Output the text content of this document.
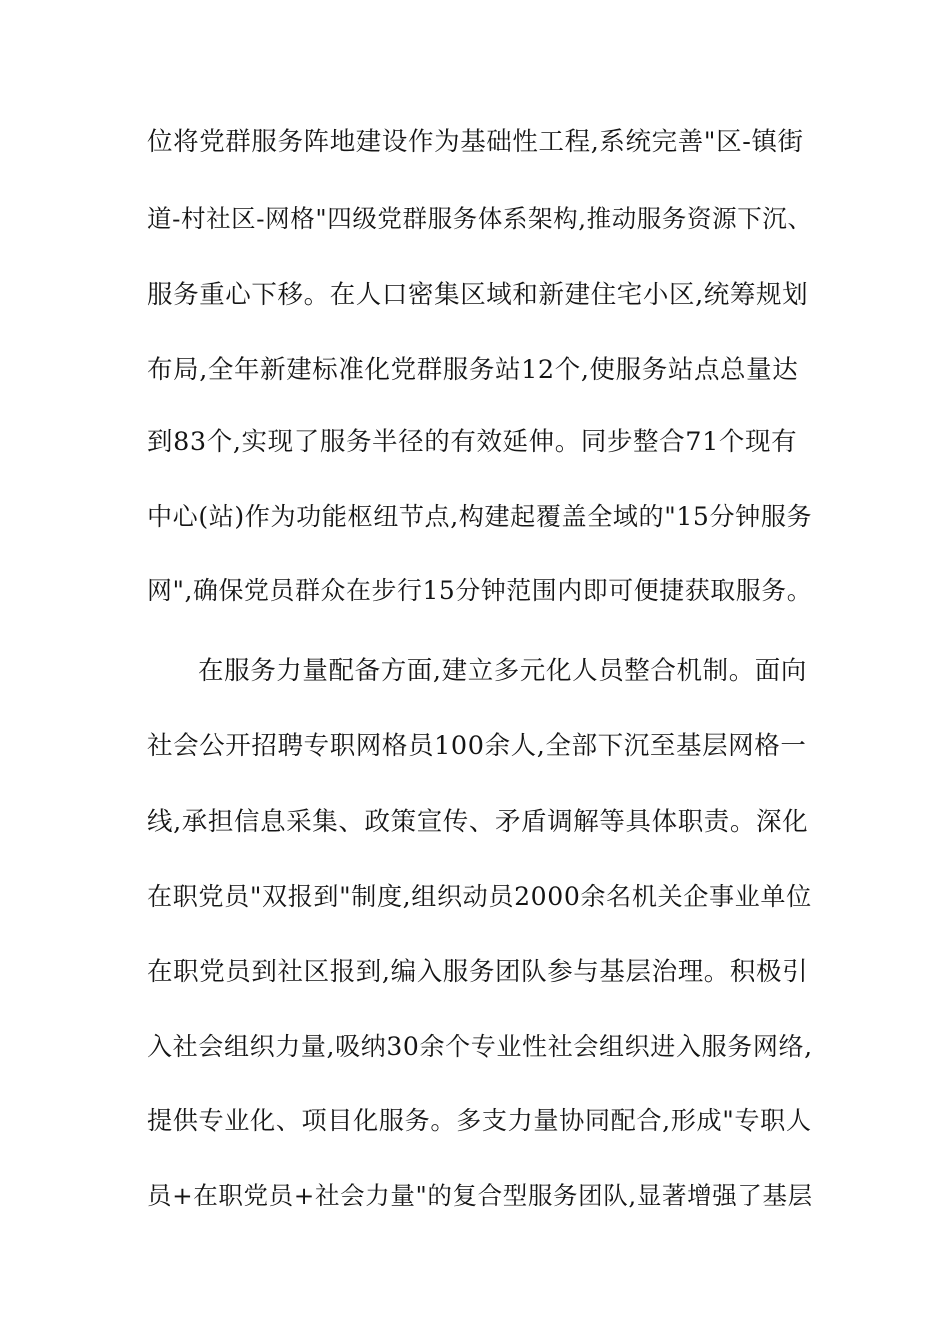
位将党群服务阵地建设作为基础性工程,系统完善"区-镇街
道-村社区-网格"四级党群服务体系架构,推动服务资源下沉、
服务重心下移。在人口密集区域和新建住宅小区,统筹规划
布局,全年新建标准化党群服务站12个,使服务站点总量达
到83个,实现了服务半径的有效延伸。同步整合71个现有
中心(站)作为功能枢纽节点,构建起覆盖全域的"15分钟服务
网",确保党员群众在步行15分钟范围内即可便捷获取服务。
在服务力量配备方面,建立多元化人员整合机制。面向
社会公开招聘专职网格员100余人,全部下沉至基层网格一
线,承担信息采集、政策宣传、矛盾调解等具体职责。深化
在职党员"双报到"制度,组织动员2000余名机关企事业单位
在职党员到社区报到,编入服务团队参与基层治理。积极引
入社会组织力量,吸纳30余个专业性社会组织进入服务网络,
提供专业化、项目化服务。多支力量协同配合,形成"专职人
员+在职党员+社会力量"的复合型服务团队,显著增强了基层
